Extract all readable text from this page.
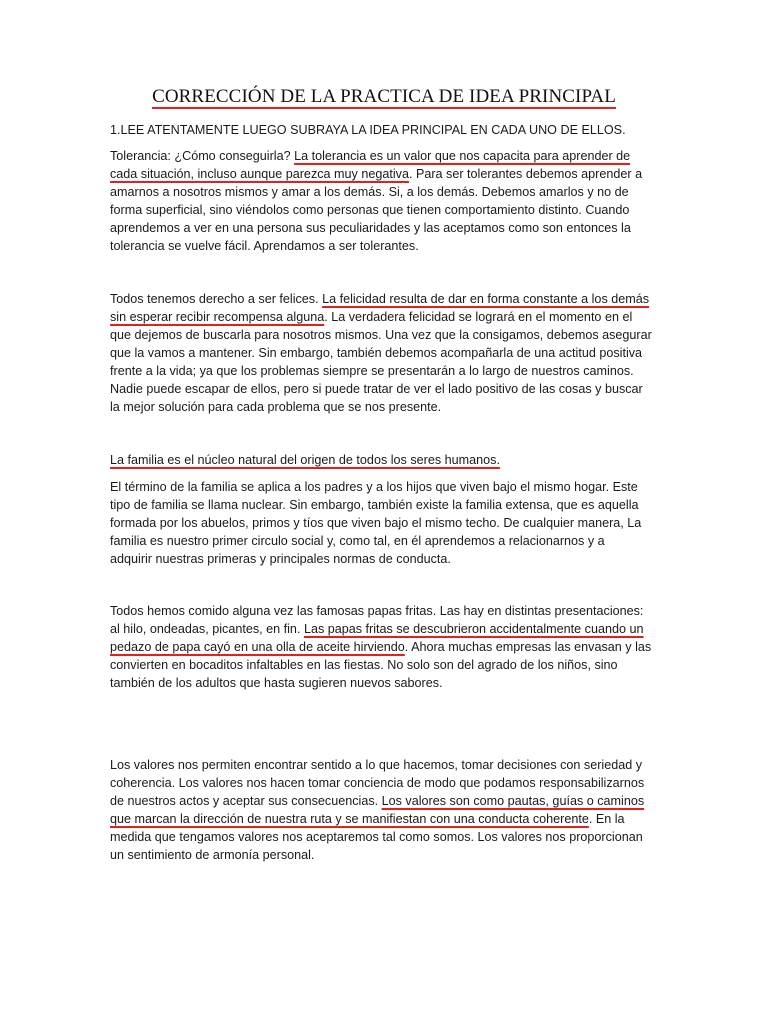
CORRECCIÓN DE LA PRACTICA DE IDEA PRINCIPAL

1.LEE ATENTAMENTE LUEGO SUBRAYA LA IDEA PRINCIPAL EN CADA UNO DE ELLOS.

Tolerancia: ¿Cómo conseguirla? La tolerancia es un valor que nos capacita para aprender de
cada situación, incluso aunque parezca muy negativa. Para ser tolerantes debemos aprender a
amarnos a nosotros mismos y amar a los demás. Si, a los demás. Debemos amarlos y no de
forma superficial, sino viéndolos como personas que tienen comportamiento distinto. Cuando
aprendemos a ver en una persona sus peculiaridades y las aceptamos como son entonces la
tolerancia se vuelve fácil. Aprendamos a ser tolerantes.

Todos tenemos derecho a ser felices. La felicidad resulta de dar en forma constante a los demás
sin esperar recibir recompensa alguna. La verdadera felicidad se logrará en el momento en el
que dejemos de buscarla para nosotros mismos. Una vez que la consigamos, debemos asegurar
que la vamos a mantener. Sin embargo, también debemos acompañarla de una actitud positiva
frente a la vida; ya que los problemas siempre se presentarán a lo largo de nuestros caminos.
Nadie puede escapar de ellos, pero si puede tratar de ver el lado positivo de las cosas y buscar
la mejor solución para cada problema que se nos presente.

La familia es el núcleo natural del origen de todos los seres humanos.

El término de la familia se aplica a los padres y a los hijos que viven bajo el mismo hogar. Este
tipo de familia se llama nuclear. Sin embargo, también existe la familia extensa, que es aquella
formada por los abuelos, primos y tíos que viven bajo el mismo techo. De cualquier manera, La
familia es nuestro primer circulo social y, como tal, en él aprendemos a relacionarnos y a
adquirir nuestras primeras y principales normas de conducta.

Todos hemos comido alguna vez las famosas papas fritas. Las hay en distintas presentaciones:
al hilo, ondeadas, picantes, en fin. Las papas fritas se descubrieron accidentalmente cuando un
pedazo de papa cayó en una olla de aceite hirviendo. Ahora muchas empresas las envasan y las
convierten en bocaditos infaltables en las fiestas. No solo son del agrado de los niños, sino
también de los adultos que hasta sugieren nuevos sabores.

Los valores nos permiten encontrar sentido a lo que hacemos, tomar decisiones con seriedad y
coherencia. Los valores nos hacen tomar conciencia de modo que podamos responsabilizarnos
de nuestros actos y aceptar sus consecuencias. Los valores son como pautas, guías o caminos
que marcan la dirección de nuestra ruta y se manifiestan con una conducta coherente. En la
medida que tengamos valores nos aceptaremos tal como somos. Los valores nos proporcionan
un sentimiento de armonía personal.
